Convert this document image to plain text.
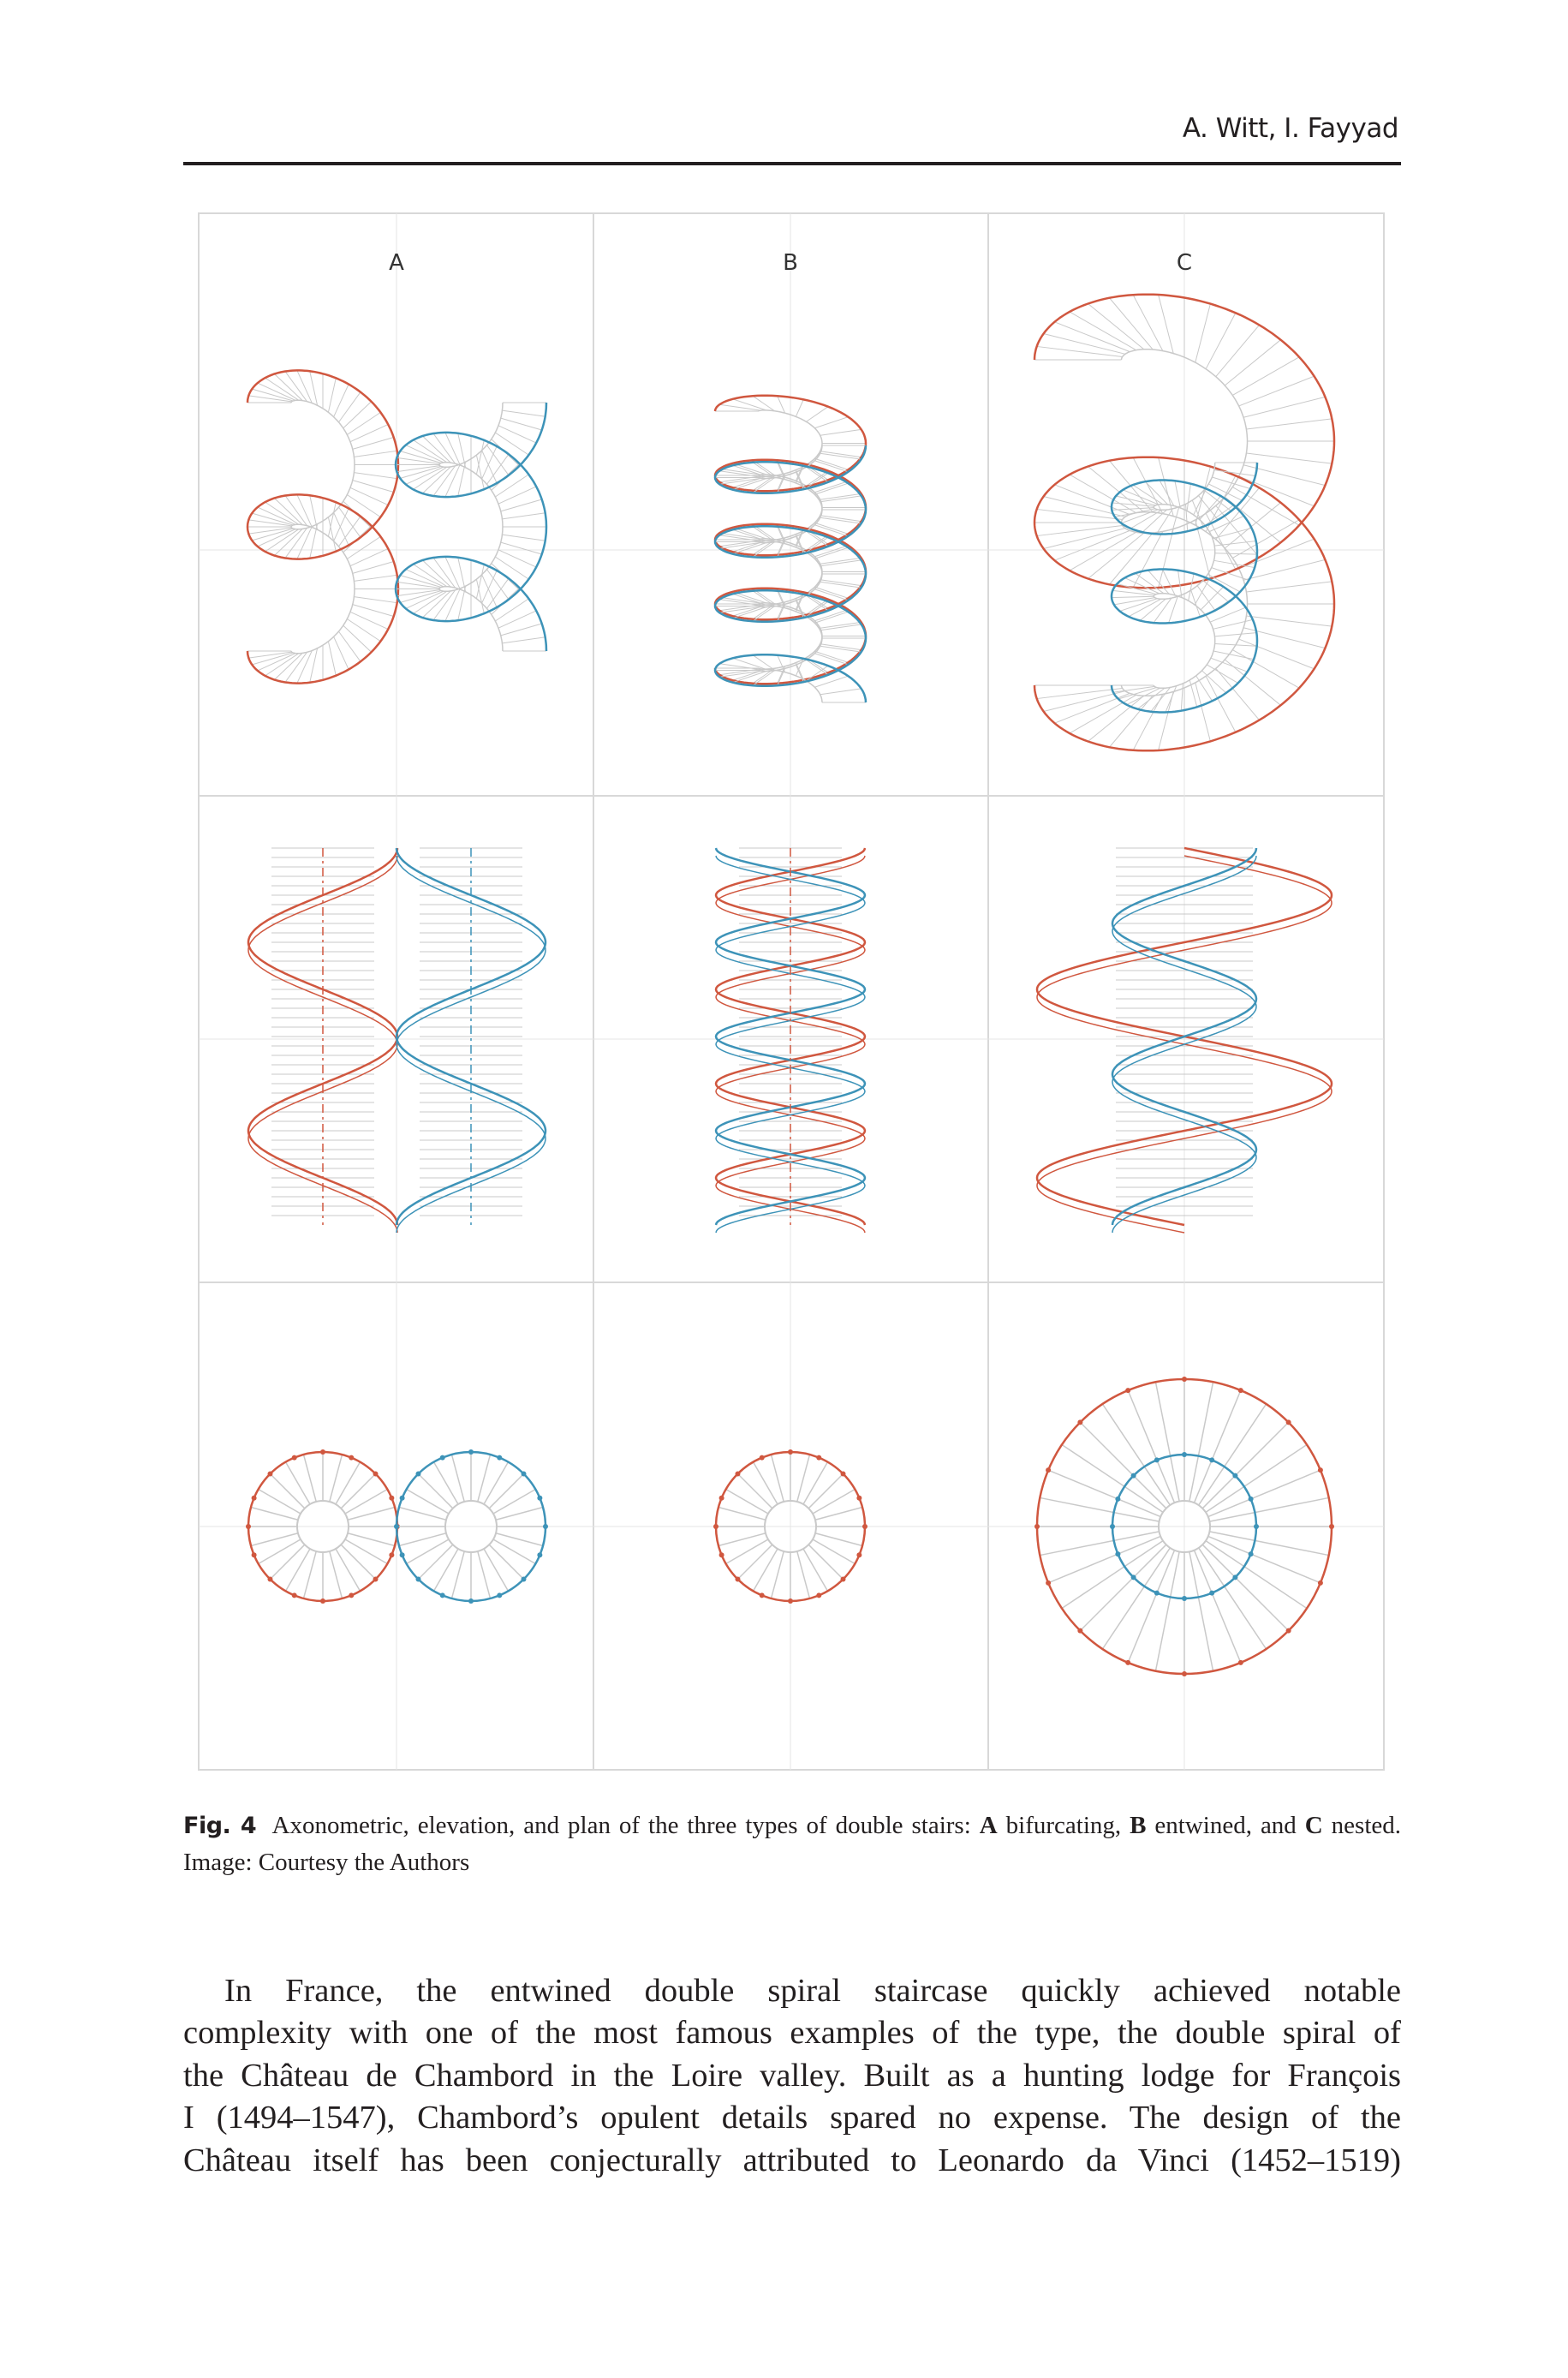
A. Witt, I. Fayyad
A	B	C
Fig. 4 Axonometric, elevation, and plan of the three types of double stairs: A bifurcating, B entwined, and C nested. Image: Courtesy the Authors
In France, the entwined double spiral staircase quickly achieved notable
complexity with one of the most famous examples of the type, the double spiral of
the Château de Chambord in the Loire valley. Built as a hunting lodge for François
I (1494–1547), Chambord’s opulent details spared no expense. The design of the
Château itself has been conjecturally attributed to Leonardo da Vinci (1452–1519)
